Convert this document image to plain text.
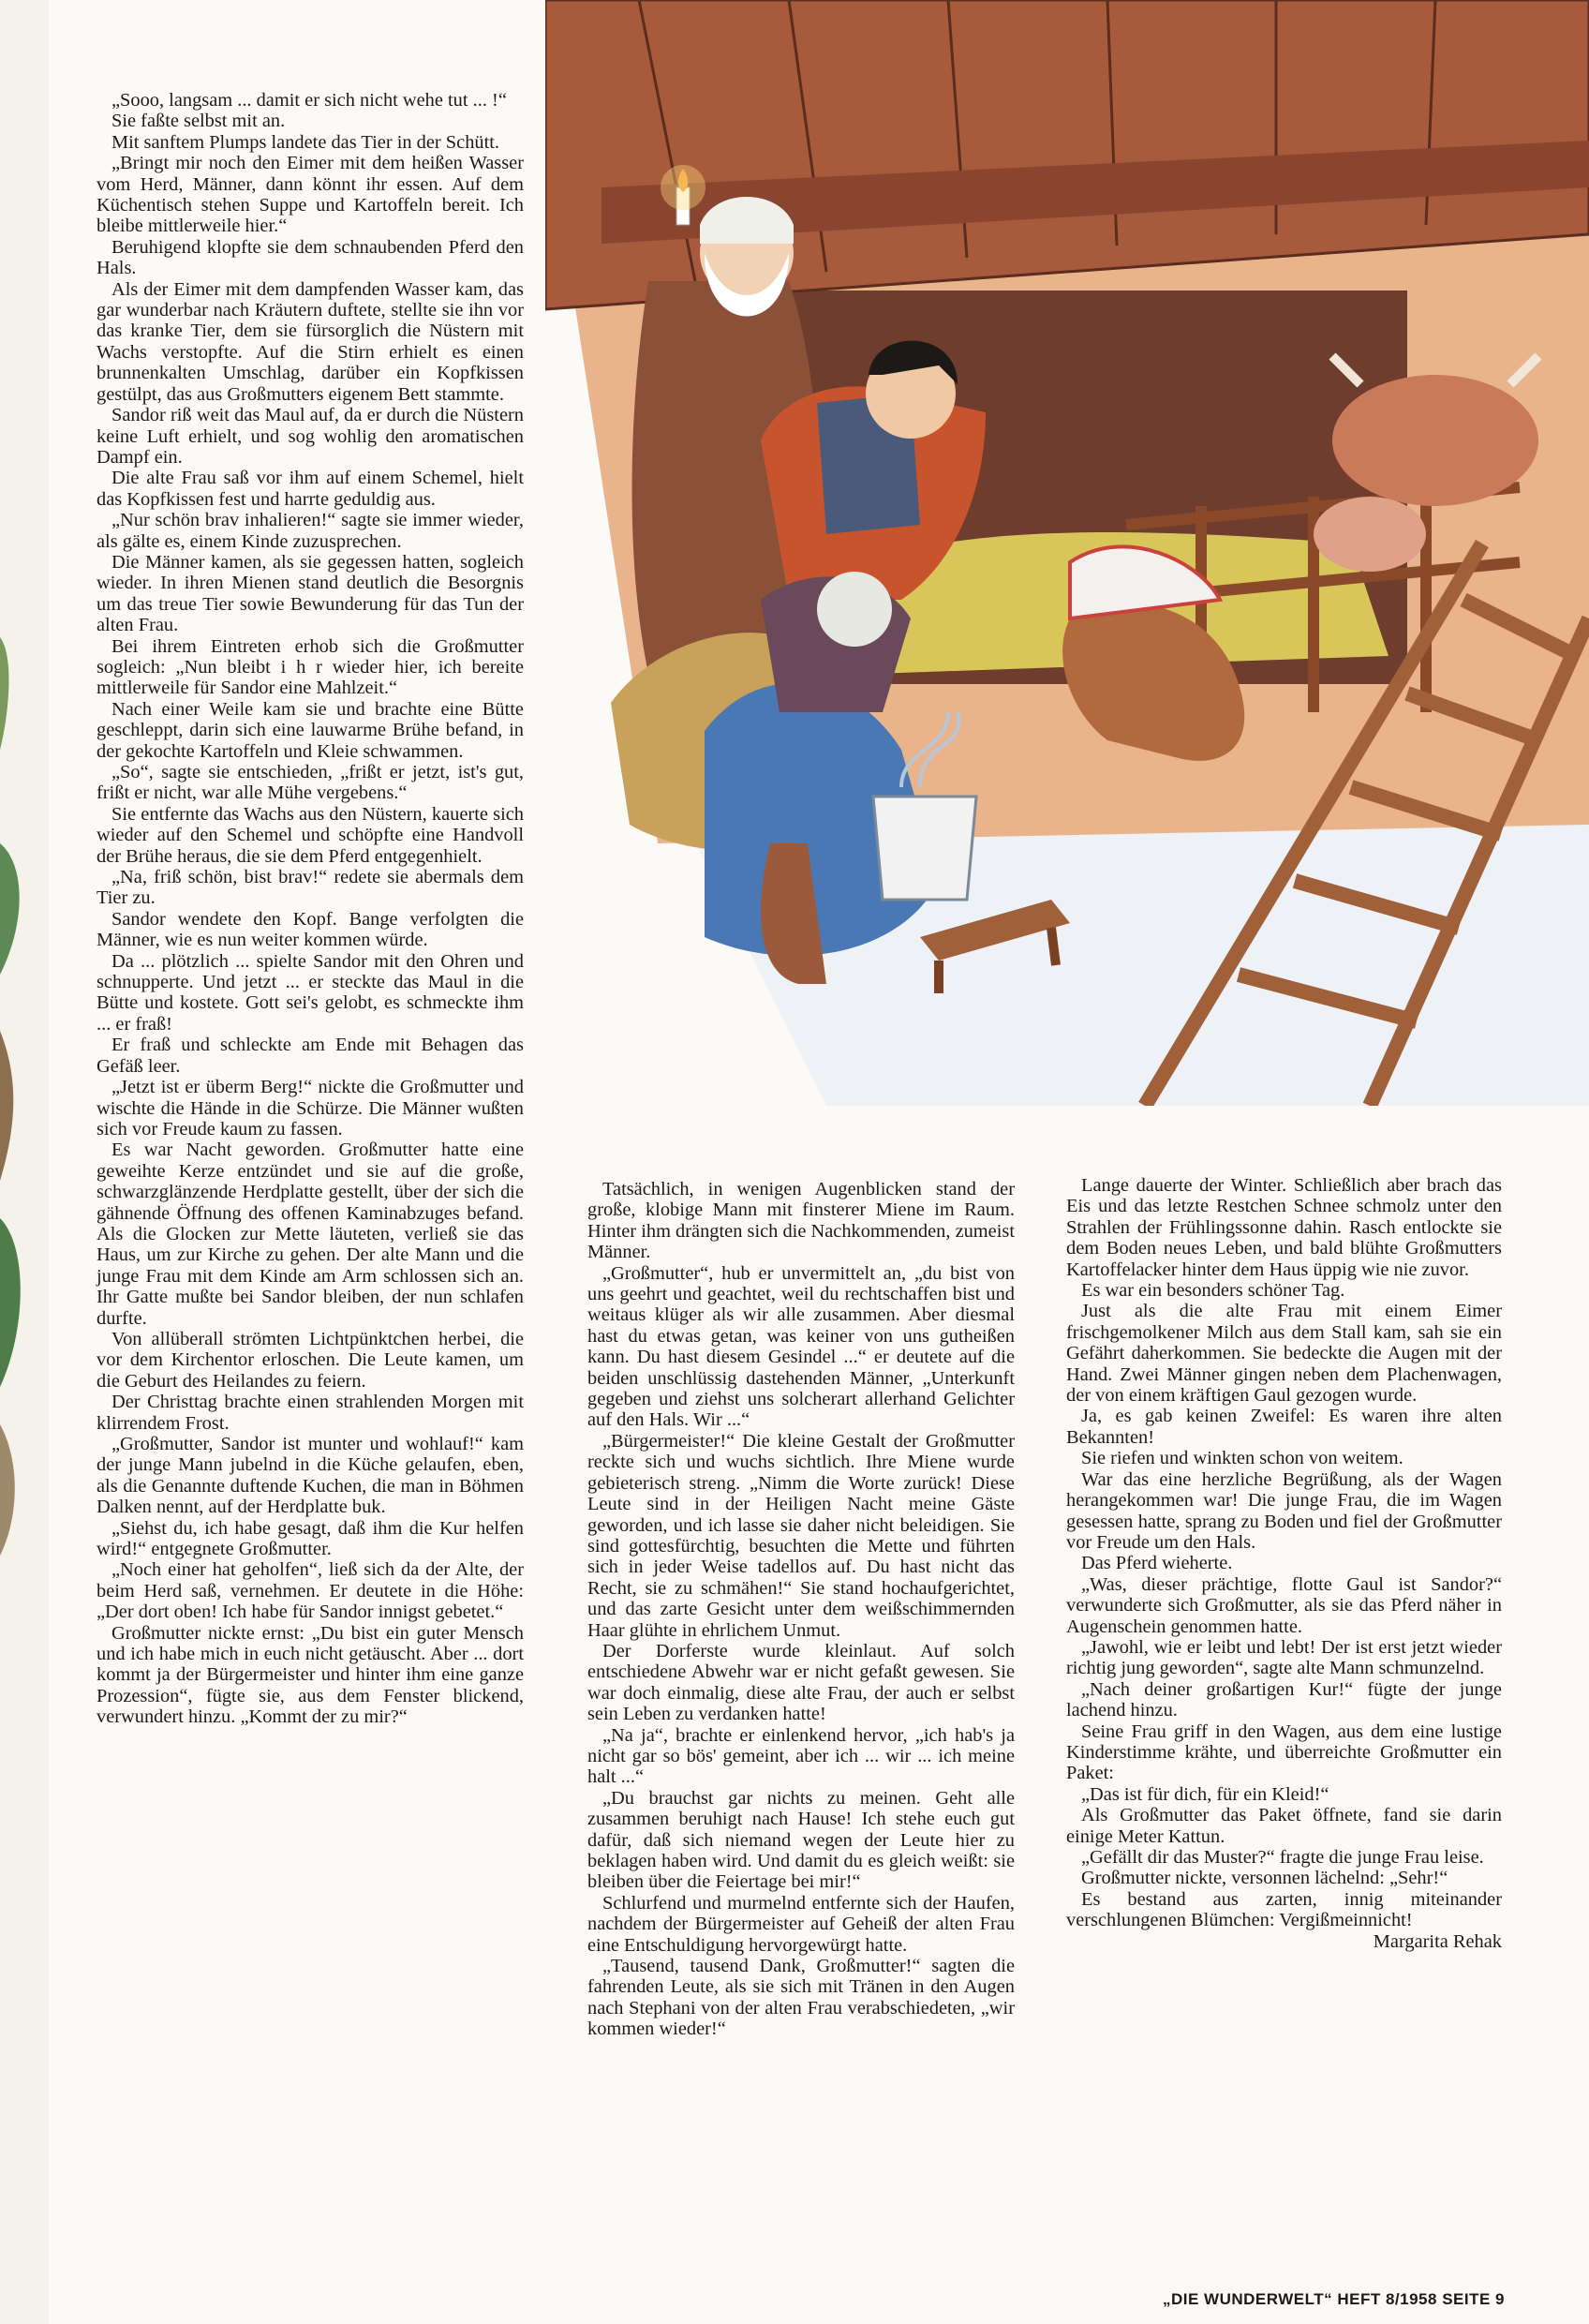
„Sooo, langsam ... damit er sich nicht wehe tut ... !“

Sie faßte selbst mit an.

Mit sanftem Plumps landete das Tier in der Schütt.

„Bringt mir noch den Eimer mit dem heißen Wasser vom Herd, Männer, dann könnt ihr essen. Auf dem Küchentisch stehen Suppe und Kartoffeln bereit. Ich bleibe mittlerweile hier.“

Beruhigend klopfte sie dem schnaubenden Pferd den Hals.

Als der Eimer mit dem dampfenden Wasser kam, das gar wunderbar nach Kräutern duftete, stellte sie ihn vor das kranke Tier, dem sie fürsorglich die Nüstern mit Wachs verstopfte. Auf die Stirn erhielt es einen brunnenkalten Umschlag, darüber ein Kopfkissen gestülpt, das aus Großmutters eigenem Bett stammte.

Sandor riß weit das Maul auf, da er durch die Nüstern keine Luft erhielt, und sog wohlig den aromatischen Dampf ein.

Die alte Frau saß vor ihm auf einem Schemel, hielt das Kopfkissen fest und harrte geduldig aus.

„Nur schön brav inhalieren!“ sagte sie immer wieder, als gälte es, einem Kinde zuzusprechen.

Die Männer kamen, als sie gegessen hatten, sogleich wieder. In ihren Mienen stand deutlich die Besorgnis um das treue Tier sowie Bewunderung für das Tun der alten Frau.

Bei ihrem Eintreten erhob sich die Großmutter sogleich: „Nun bleibt i h r wieder hier, ich bereite mittlerweile für Sandor eine Mahlzeit.“

Nach einer Weile kam sie und brachte eine Bütte geschleppt, darin sich eine lauwarme Brühe befand, in der gekochte Kartoffeln und Kleie schwammen.

„So“, sagte sie entschieden, „frißt er jetzt, ist's gut, frißt er nicht, war alle Mühe vergebens.“

Sie entfernte das Wachs aus den Nüstern, kauerte sich wieder auf den Schemel und schöpfte eine Handvoll der Brühe heraus, die sie dem Pferd entgegenhielt.

„Na, friß schön, bist brav!“ redete sie abermals dem Tier zu.

Sandor wendete den Kopf. Bange verfolgten die Männer, wie es nun weiter kommen würde.

Da ... plötzlich ... spielte Sandor mit den Ohren und schnupperte. Und jetzt ... er steckte das Maul in die Bütte und kostete. Gott sei's gelobt, es schmeckte ihm ... er fraß!

Er fraß und schleckte am Ende mit Behagen das Gefäß leer.

„Jetzt ist er überm Berg!“ nickte die Großmutter und wischte die Hände in die Schürze. Die Männer wußten sich vor Freude kaum zu fassen.

Es war Nacht geworden. Großmutter hatte eine geweihte Kerze entzündet und sie auf die große, schwarzglänzende Herdplatte gestellt, über der sich die gähnende Öffnung des offenen Kaminabzuges befand. Als die Glocken zur Mette läuteten, verließ sie das Haus, um zur Kirche zu gehen. Der alte Mann und die junge Frau mit dem Kinde am Arm schlossen sich an. Ihr Gatte mußte bei Sandor bleiben, der nun schlafen durfte.

Von allüberall strömten Lichtpünktchen herbei, die vor dem Kirchentor erloschen. Die Leute kamen, um die Geburt des Heilandes zu feiern.

Der Christtag brachte einen strahlenden Morgen mit klirrendem Frost.

„Großmutter, Sandor ist munter und wohlauf!“ kam der junge Mann jubelnd in die Küche gelaufen, eben, als die Genannte duftende Kuchen, die man in Böhmen Dalken nennt, auf der Herdplatte buk.

„Siehst du, ich habe gesagt, daß ihm die Kur helfen wird!“ entgegnete Großmutter.

„Noch einer hat geholfen“, ließ sich da der Alte, der beim Herd saß, vernehmen. Er deutete in die Höhe: „Der dort oben! Ich habe für Sandor innigst gebetet.“

Großmutter nickte ernst: „Du bist ein guter Mensch und ich habe mich in euch nicht getäuscht. Aber ... dort kommt ja der Bürgermeister und hinter ihm eine ganze Prozession“, fügte sie, aus dem Fenster blickend, verwundert hinzu. „Kommt der zu mir?“

Tatsächlich, in wenigen Augenblicken stand der große, klobige Mann mit finsterer Miene im Raum. Hinter ihm drängten sich die Nachkommenden, zumeist Männer.

„Großmutter“, hub er unvermittelt an, „du bist von uns geehrt und geachtet, weil du rechtschaffen bist und weitaus klüger als wir alle zusammen. Aber diesmal hast du etwas getan, was keiner von uns gutheißen kann. Du hast diesem Gesindel ...“ er deutete auf die beiden unschlüssig dastehenden Männer, „Unterkunft gegeben und ziehst uns solcherart allerhand Gelichter auf den Hals. Wir ...“

„Bürgermeister!“ Die kleine Gestalt der Großmutter reckte sich und wuchs sichtlich. Ihre Miene wurde gebieterisch streng. „Nimm die Worte zurück! Diese Leute sind in der Heiligen Nacht meine Gäste geworden, und ich lasse sie daher nicht beleidigen. Sie sind gottesfürchtig, besuchten die Mette und führten sich in jeder Weise tadellos auf. Du hast nicht das Recht, sie zu schmähen!“ Sie stand hochaufgerichtet, und das zarte Gesicht unter dem weißschimmernden Haar glühte in ehrlichem Unmut.

Der Dorferste wurde kleinlaut. Auf solch entschiedene Abwehr war er nicht gefaßt gewesen. Sie war doch einmalig, diese alte Frau, der auch er selbst sein Leben zu verdanken hatte!

„Na ja“, brachte er einlenkend hervor, „ich hab's ja nicht gar so bös' gemeint, aber ich ... wir ... ich meine halt ...“

„Du brauchst gar nichts zu meinen. Geht alle zusammen beruhigt nach Hause! Ich stehe euch gut dafür, daß sich niemand wegen der Leute hier zu beklagen haben wird. Und damit du es gleich weißt: sie bleiben über die Feiertage bei mir!“

Schlurfend und murmelnd entfernte sich der Haufen, nachdem der Bürgermeister auf Geheiß der alten Frau eine Entschuldigung hervorgewürgt hatte.

„Tausend, tausend Dank, Großmutter!“ sagten die fahrenden Leute, als sie sich mit Tränen in den Augen nach Stephani von der alten Frau verabschiedeten, „wir kommen wieder!“

Lange dauerte der Winter. Schließlich aber brach das Eis und das letzte Restchen Schnee schmolz unter den Strahlen der Frühlingssonne dahin. Rasch entlockte sie dem Boden neues Leben, und bald blühte Großmutters Kartoffelacker hinter dem Haus üppig wie nie zuvor.

Es war ein besonders schöner Tag.

Just als die alte Frau mit einem Eimer frischgemolkener Milch aus dem Stall kam, sah sie ein Gefährt daherkommen. Sie bedeckte die Augen mit der Hand. Zwei Männer gingen neben dem Plachenwagen, der von einem kräftigen Gaul gezogen wurde.

Ja, es gab keinen Zweifel: Es waren ihre alten Bekannten!

Sie riefen und winkten schon von weitem.

War das eine herzliche Begrüßung, als der Wagen herangekommen war! Die junge Frau, die im Wagen gesessen hatte, sprang zu Boden und fiel der Großmutter vor Freude um den Hals.

Das Pferd wieherte.

„Was, dieser prächtige, flotte Gaul ist Sandor?“ verwunderte sich Großmutter, als sie das Pferd näher in Augenschein genommen hatte.

„Jawohl, wie er leibt und lebt! Der ist erst jetzt wieder richtig jung geworden“, sagte alte Mann schmunzelnd.

„Nach deiner großartigen Kur!“ fügte der junge lachend hinzu.

Seine Frau griff in den Wagen, aus dem eine lustige Kinderstimme krähte, und überreichte Großmutter ein Paket:

„Das ist für dich, für ein Kleid!“

Als Großmutter das Paket öffnete, fand sie darin einige Meter Kattun.

„Gefällt dir das Muster?“ fragte die junge Frau leise.

Großmutter nickte, versonnen lächelnd: „Sehr!“

Es bestand aus zarten, innig miteinander verschlungenen Blümchen: Vergißmeinnicht!

Margarita Rehak

„DIE WUNDERWELT“ HEFT 8/1958 SEITE 9
